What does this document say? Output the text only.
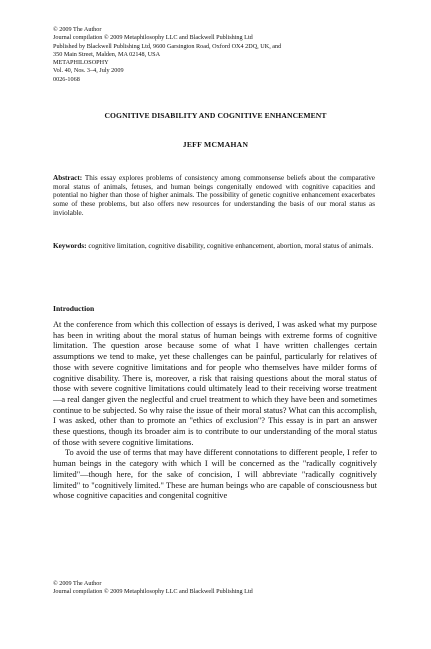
© 2009 The Author
Journal compilation © 2009 Metaphilosophy LLC and Blackwell Publishing Ltd
Published by Blackwell Publishing Ltd, 9600 Garsington Road, Oxford OX4 2DQ, UK, and
350 Main Street, Malden, MA 02148, USA
METAPHILOSOPHY
Vol. 40, Nos. 3–4, July 2009
0026-1068
COGNITIVE DISABILITY AND COGNITIVE ENHANCEMENT
JEFF MCMAHAN
Abstract: This essay explores problems of consistency among commonsense beliefs about the comparative moral status of animals, fetuses, and human beings congenitally endowed with cognitive capacities and potential no higher than those of higher animals. The possibility of genetic cognitive enhancement exacerbates some of these problems, but also offers new resources for understanding the basis of our moral status as inviolable.
Keywords: cognitive limitation, cognitive disability, cognitive enhancement, abortion, moral status of animals.
Introduction

At the conference from which this collection of essays is derived, I was asked what my purpose has been in writing about the moral status of human beings with extreme forms of cognitive limitation. The question arose because some of what I have written challenges certain assumptions we tend to make, yet these challenges can be painful, particularly for relatives of those with severe cognitive limitations and for people who themselves have milder forms of cognitive disability. There is, moreover, a risk that raising questions about the moral status of those with severe cognitive limitations could ultimately lead to their receiving worse treatment—a real danger given the neglectful and cruel treatment to which they have been and sometimes continue to be subjected. So why raise the issue of their moral status? What can this accomplish, I was asked, other than to promote an "ethics of exclusion"? This essay is in part an answer these questions, though its broader aim is to contribute to our understanding of the moral status of those with severe cognitive limitations.

To avoid the use of terms that may have different connotations to different people, I refer to human beings in the category with which I will be concerned as the "radically cognitively limited"—though here, for the sake of concision, I will abbreviate "radically cognitively limited" to "cognitively limited." These are human beings who are capable of consciousness but whose cognitive capacities and congenital cognitive

© 2009 The Author
Journal compilation © 2009 Metaphilosophy LLC and Blackwell Publishing Ltd
